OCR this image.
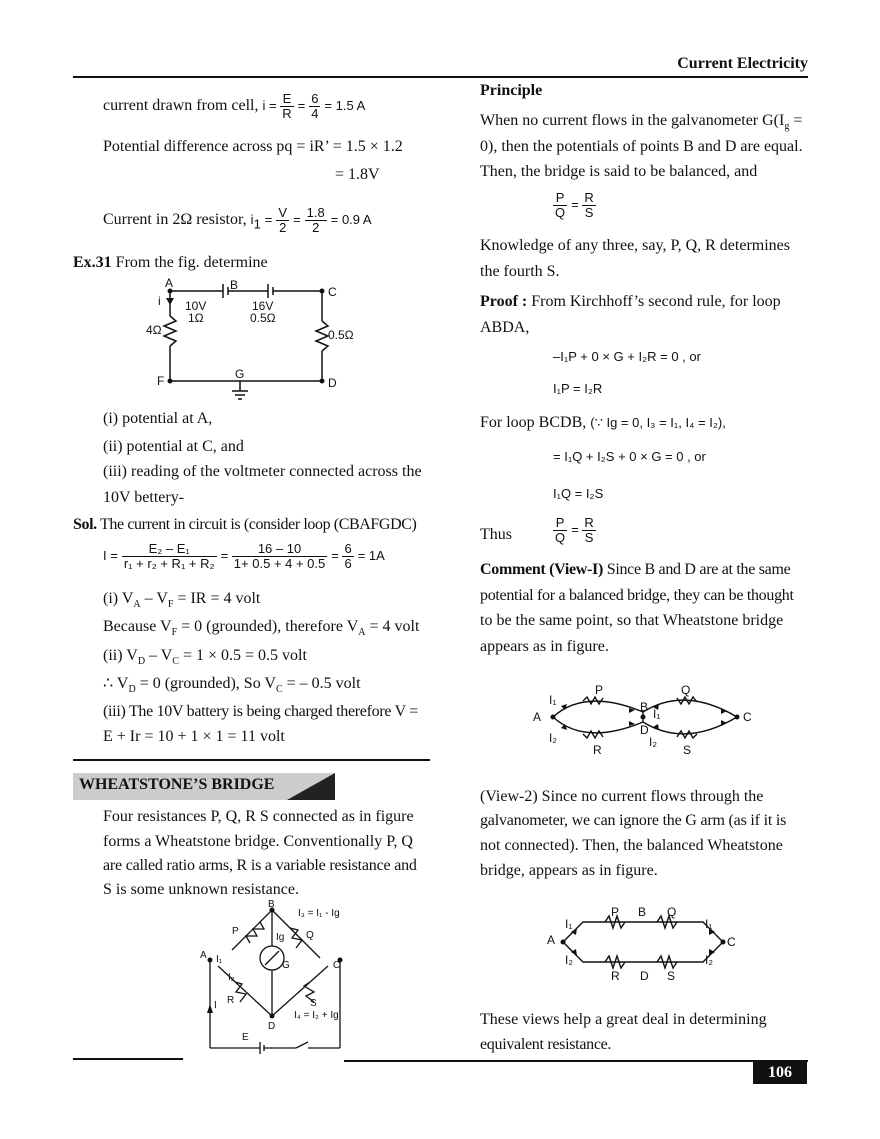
Current Electricity
current drawn from cell, $i = \frac{E}{R} = \frac{6}{4} = 1.5$ A
Potential difference across pq = iR’ = 1.5 × 1.2
= 1.8V
Current in 2Ω resistor, $i_1 = \frac{V}{2} = \frac{1.8}{2} = 0.9$ A
Ex.31 From the fig. determine
A	B	C
i 10V
1Ω
16V
0.5Ω
4Ω	0.5Ω
F	G
D
(i) potential at A,
(ii) potential at C, and
(iii) reading of the voltmeter connected across the
10V bettery-
Sol. The current in circuit is (consider loop (CBAFGDC)
$I = \frac{\text{E₂ – E₁}}{\text{r₁ + r₂ + R₁ + R₂}} = \frac{16 - 10}{1+ 0.5 + 4 + 0.5} = \frac{6}{6} = 1A$
(i) $V_A - V_F$ = IR = 4 volt
Because $V_F = 0$ (grounded), therefore $V_A = 4$ volt
(ii) $V_D - V_C = 1 \times 0.5 = 0.5$ volt
∴ $V_D = 0$ (grounded), So $V_C$ = – 0.5 volt
(iii) The 10V battery is being charged therefore V =
E + Ir = 10 + 1 × 1 = 11 volt
WHEATSTONE’S BRIDGE
Four resistances P, Q, R S connected as in figure
forms a Wheatstone bridge. Conventionally P, Q
are called ratio arms, R is a variable resistance and
S is some unknown resistance.
B
I₃ = I₁ - Ig
P
Ig Q
A I₁
G	C
I₂
R	S
I₄ = I₂ + Ig
I
D
E
Principle
When no current flows in the galvanometer $G(I_g$ =
0), then the potentials of points B and D are equal.
Then, the bridge is said to be balanced, and
$\frac{P}{Q} = \frac{R}{S}$
Knowledge of any three, say, P, Q, R determines
the fourth S.
Proof : From Kirchhoff’s second rule, for loop
ABDA,
–I₁P + 0 × G + I₂R = 0 , or
I₁P = I₂R
For loop BCDB, (∵ Ig = 0, I₃ = I₁, I₄ = I₂),
= I₁Q + I₂S + 0 × G = 0 , or
I₁Q = I₂S
Thus	$\frac{P}{Q} = \frac{R}{S}$
Comment (View-I) Since B and D are at the same
potential for a balanced bridge, they can be thought
to be the same point, so that Wheatstone bridge
appears as in figure.
A	C
B
D
P	Q
R	S
I₁
I₂
I₁
I₂
(View-2) Since no current flows through the
galvanometer, we can ignore the G arm (as if it is
not connected). Then, the balanced Wheatstone
bridge, appears as in figure.
A	C
P B Q
R D S
I₁
I₂
I₁
I₂
These views help a great deal in determining
equivalent resistance.
106
